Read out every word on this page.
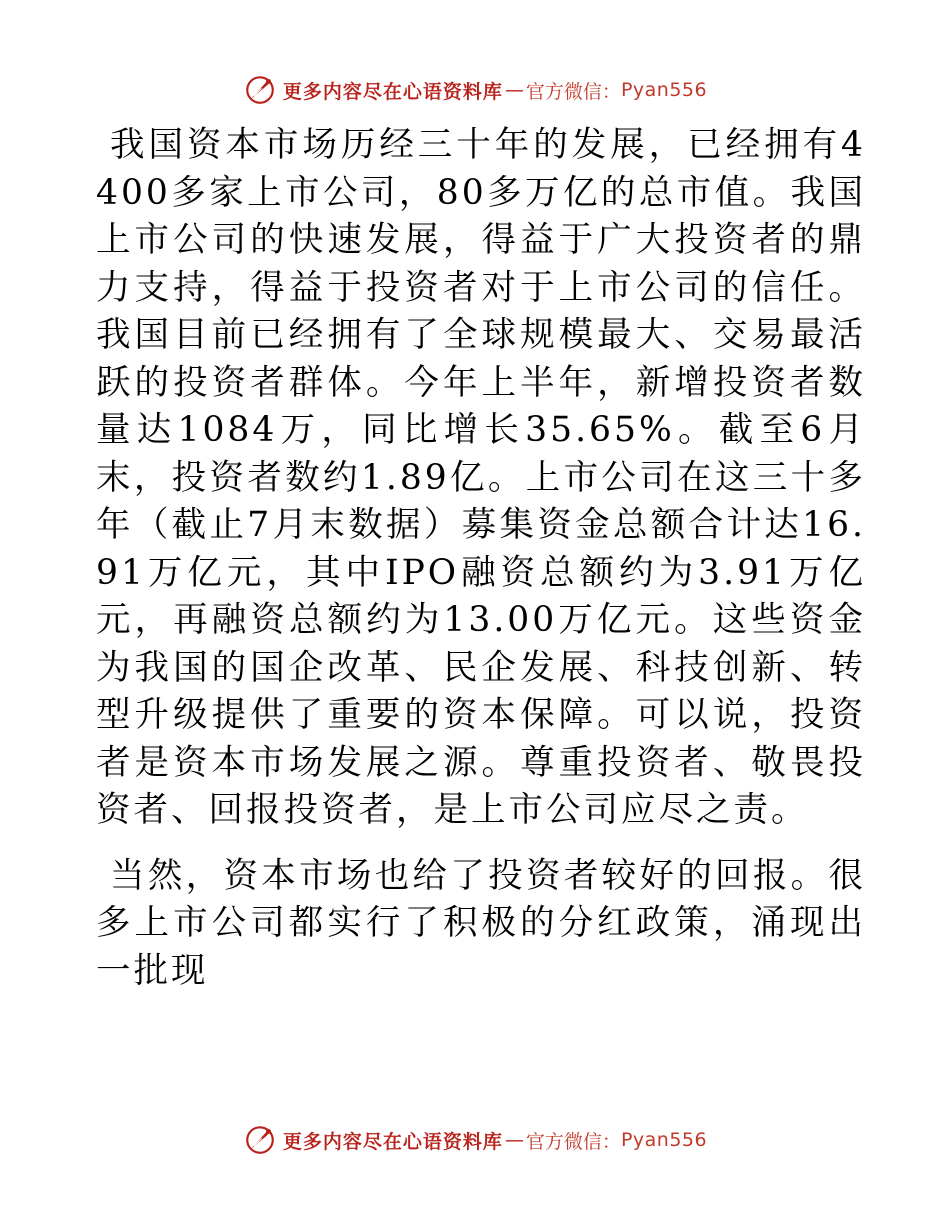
更多内容尽在心语资料库 — 官方微信： Pyan556

我国资本市场历经三十年的发展，已经拥有4400多家上市公司，80多万亿的总市值。我国上市公司的快速发展，得益于广大投资者的鼎力支持，得益于投资者对于上市公司的信任。我国目前已经拥有了全球规模最大、交易最活跃的投资者群体。今年上半年，新增投资者数量达1084万，同比增长35.65%。截至6月末，投资者数约1.89亿。上市公司在这三十多年（截止7月末数据）募集资金总额合计达16.91万亿元，其中IPO融资总额约为3.91万亿元，再融资总额约为13.00万亿元。这些资金为我国的国企改革、民企发展、科技创新、转型升级提供了重要的资本保障。可以说，投资者是资本市场发展之源。尊重投资者、敬畏投资者、回报投资者，是上市公司应尽之责。

当然，资本市场也给了投资者较好的回报。很多上市公司都实行了积极的分红政策，涌现出一批现

更多内容尽在心语资料库 — 官方微信： Pyan556
